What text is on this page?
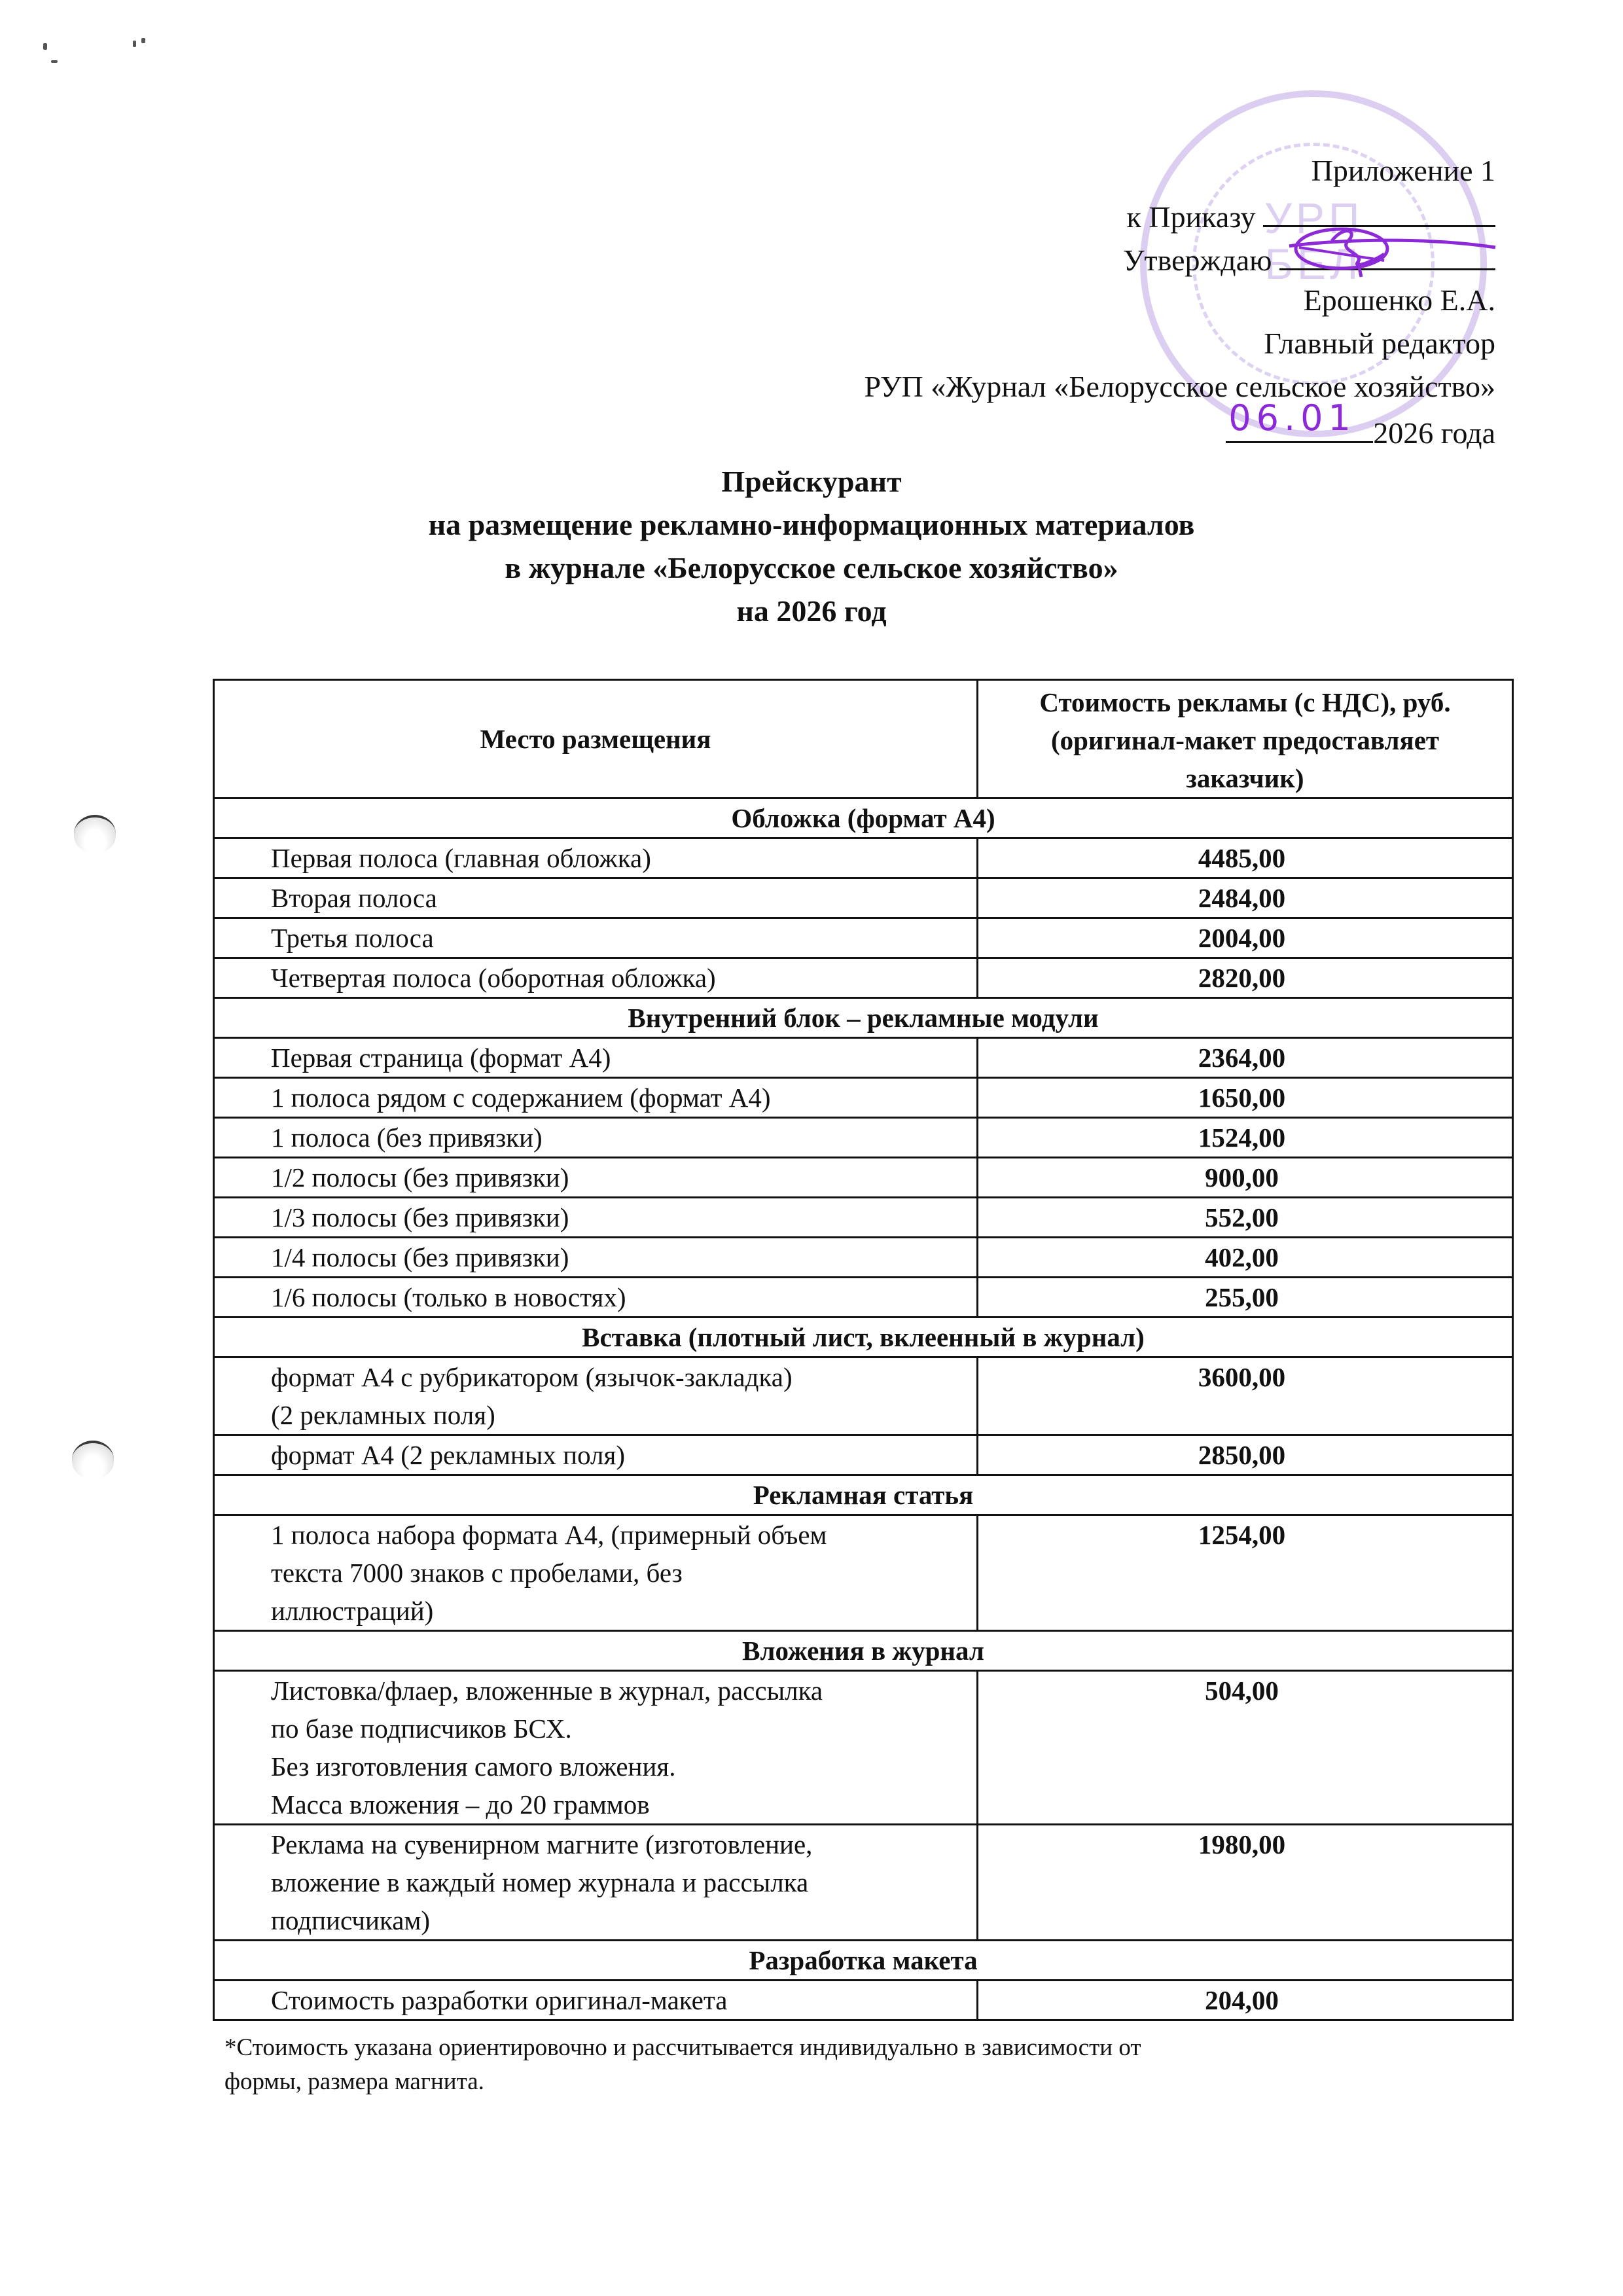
УРП
БЕЛ
Приложение 1
к Приказу
Утверждаю
Ерошенко Е.А.
Главный редактор
РУП «Журнал «Белорусское сельское хозяйство»
06.01 2026 года
Прейскурант
на размещение рекламно-информационных материалов
в журнале «Белорусское сельское хозяйство»
на 2026 год
Место размещения	Стоимость рекламы (с НДС), руб.
(оригинал-макет предоставляет
заказчик)

Обложка (формат А4)	

Первая полоса (главная обложка)	4485,00

Вторая полоса	2484,00

Третья полоса	2004,00

Четвертая полоса (оборотная обложка)	2820,00
Внутренний блок – рекламные модули	

Первая страница (формат А4)	2364,00

1 полоса рядом с содержанием (формат А4)	1650,00

1 полоса (без привязки)	1524,00

1/2 полосы (без привязки)	900,00

1/3 полосы (без привязки)	552,00

1/4 полосы (без привязки)	402,00

1/6 полосы (только в новостях)	255,00
Вставка (плотный лист, вклеенный в журнал)	

формат А4 с рубрикатором (язычок-закладка)
(2 рекламных поля)	3600,00

формат А4 (2 рекламных поля)	2850,00
Рекламная статья	

1 полоса набора формата А4, (примерный объем
текста 7000 знаков с пробелами, без
иллюстраций)	1254,00
Вложения в журнал	

Листовка/флаер, вложенные в журнал, рассылка
по базе подписчиков БСХ.
Без изготовления самого вложения.
Масса вложения – до 20 граммов	504,00

Реклама на сувенирном магните (изготовление,
вложение в каждый номер журнала и рассылка
подписчикам)	1980,00
Разработка макета	

Стоимость разработки оригинал-макета	204,00
*Стоимость указана ориентировочно и рассчитывается индивидуально в зависимости от
формы, размера магнита.
